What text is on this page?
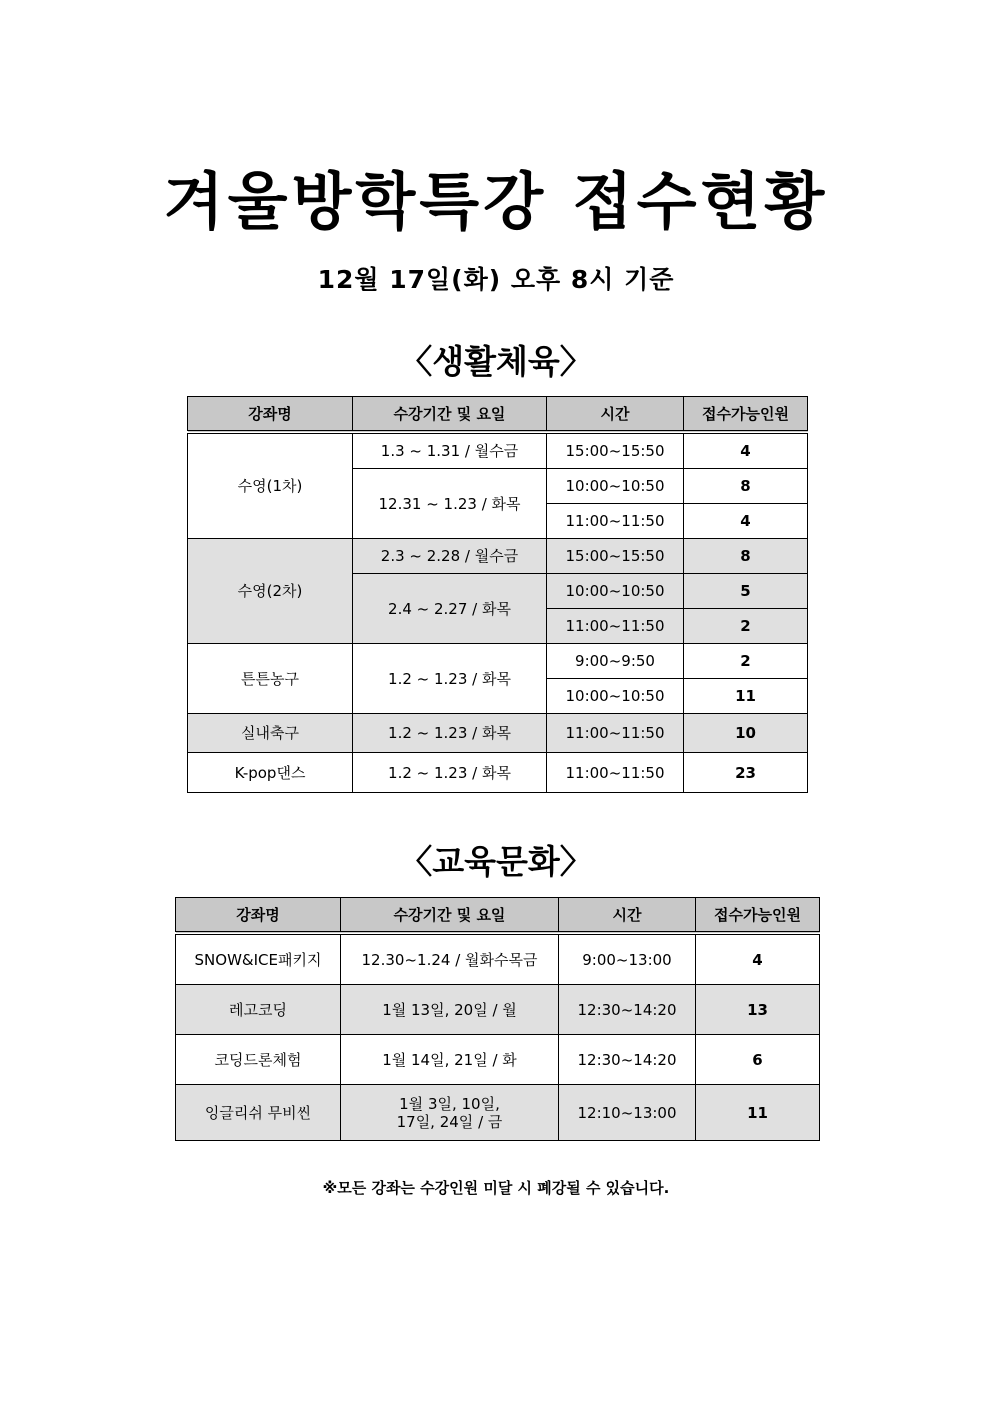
겨울방학특강 접수현황
12월 17일(화) 오후 8시 기준
〈생활체육〉
강좌명	수강기간 및 요일	시간	접수가능인원
수영(1차)	1.3 ~ 1.31 / 월수금	15:00~15:50	4
	12.31 ~ 1.23 / 화목	10:00~10:50	8
		11:00~11:50	4
수영(2차)	2.3 ~ 2.28 / 월수금	15:00~15:50	8
	2.4 ~ 2.27 / 화목	10:00~10:50	5
		11:00~11:50	2
튼튼농구	1.2 ~ 1.23 / 화목	9:00~9:50	2
		10:00~10:50	11
실내축구	1.2 ~ 1.23 / 화목	11:00~11:50	10
K-pop댄스	1.2 ~ 1.23 / 화목	11:00~11:50	23
〈교육문화〉
강좌명	수강기간 및 요일	시간	접수가능인원
SNOW&ICE패키지	12.30~1.24 / 월화수목금	9:00~13:00	4
레고코딩	1월 13일, 20일 / 월	12:30~14:20	13
코딩드론체험	1월 14일, 21일 / 화	12:30~14:20	6
잉글리쉬 무비씬	1월 3일, 10일,
17일, 24일 / 금	12:10~13:00	11
※모든 강좌는 수강인원 미달 시 폐강될 수 있습니다.
